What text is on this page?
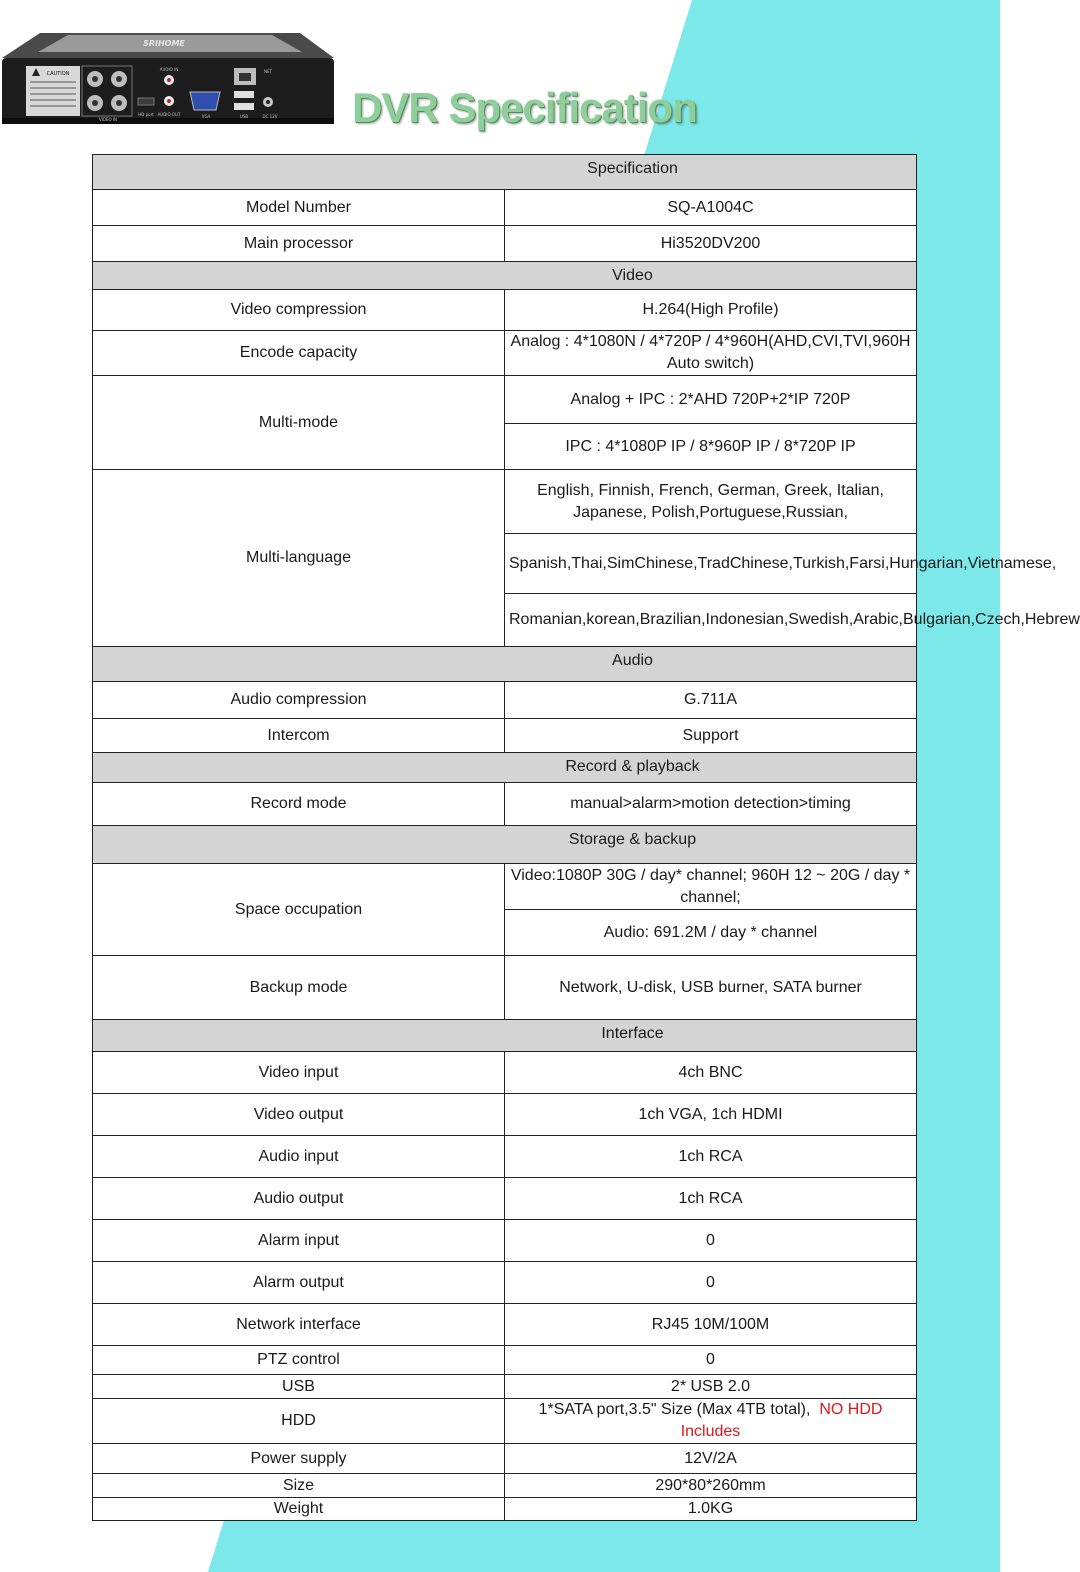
SRIHOME
CAUTION
VIDEO IN
HD port
AUDIO IN
AUDIO OUT	VGA
NET
USB	DC 12V DVR Specification
Specification	
Model Number	SQ-A1004C
Main processor	Hi3520DV200
Video	
Video compression	H.264(High Profile)
Encode capacity	Analog : 4*1080N / 4*720P / 4*960H(AHD,CVI,TVI,960H Auto switch)
Multi-mode	Analog + IPC : 2*AHD 720P+2*IP 720P
	IPC : 4*1080P IP / 8*960P IP / 8*720P IP
Multi-language	English, Finnish, French, German, Greek, Italian, Japanese, Polish,Portuguese,Russian,
	Spanish,Thai,SimChinese,TradChinese,Turkish,Farsi,Hungarian,Vietnamese,
	Romanian,korean,Brazilian,Indonesian,Swedish,Arabic,Bulgarian,Czech,Hebrew
Audio	
Audio compression	G.711A
Intercom	Support
Record & playback	
Record mode	manual>alarm>motion detection>timing
Storage & backup	
Space occupation	Video:1080P 30G / day* channel; 960H 12 ~ 20G / day * channel;
	Audio: 691.2M / day * channel
Backup mode	Network, U-disk, USB burner, SATA burner
Interface	
Video input	4ch BNC
Video output	1ch VGA, 1ch HDMI
Audio input	1ch RCA
Audio output	1ch RCA
Alarm input	0
Alarm output	0
Network interface	RJ45 10M/100M
PTZ control	0
USB	2* USB 2.0
HDD	1*SATA port,3.5" Size (Max 4TB total), NO HDD Includes
Power supply	12V/2A
Size	290*80*260mm
Weight	1.0KG
